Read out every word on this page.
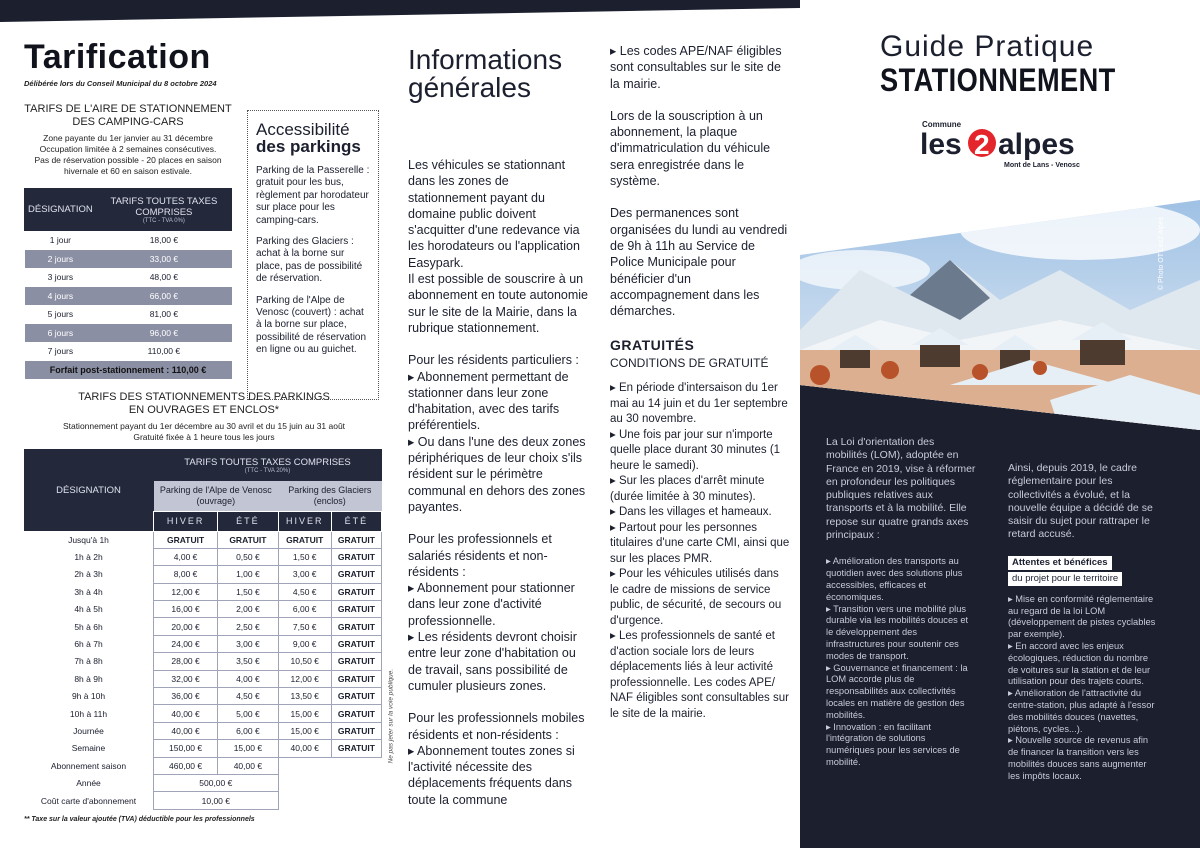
Tarification
Délibérée lors du Conseil Municipal du 8 octobre 2024
TARIFS DE L'AIRE DE STATIONNEMENT DES CAMPING-CARS
Zone payante du 1er janvier au 31 décembre
Occupation limitée à 2 semaines consécutives.
Pas de réservation possible - 20 places en saison
hivernale et 60 en saison estivale.
DÉSIGNATION	TARIFS TOUTES TAXES COMPRISES
(TTC - TVA 0%)

1 jour	18,00 €
2 jours	33,00 €
3 jours	48,00 €
4 jours	66,00 €
5 jours	81,00 €
6 jours	96,00 €
7 jours	110,00 €
Forfait post-stationnement : 110,00 €	
TARIFS DES STATIONNEMENTS DES PARKINGS
EN OUVRAGES ET ENCLOS*
Stationnement payant du 1er décembre au 30 avril et du 15 juin au 31 août
Gratuité fixée à 1 heure tous les jours
DÉSIGNATION	TARIFS TOUTES TAXES COMPRISES
(TTC - TVA 20%)			

	Parking de l'Alpe de Venosc (ouvrage)		Parking des Glaciers (enclos)	
	HIVER	ÉTÉ	HIVER	ÉTÉ
Jusqu'à 1h	GRATUIT	GRATUIT	GRATUIT	GRATUIT
1h à 2h	4,00 €	0,50 €	1,50 €	GRATUIT
2h à 3h	8,00 €	1,00 €	3,00 €	GRATUIT
3h à 4h	12,00 €	1,50 €	4,50 €	GRATUIT
4h à 5h	16,00 €	2,00 €	6,00 €	GRATUIT
5h à 6h	20,00 €	2,50 €	7,50 €	GRATUIT
6h à 7h	24,00 €	3,00 €	9,00 €	GRATUIT
7h à 8h	28,00 €	3,50 €	10,50 €	GRATUIT
8h à 9h	32,00 €	4,00 €	12,00 €	GRATUIT
9h à 10h	36,00 €	4,50 €	13,50 €	GRATUIT
10h à 11h	40,00 €	5,00 €	15,00 €	GRATUIT
Journée	40,00 €	6,00 €	15,00 €	GRATUIT
Semaine	150,00 €	15,00 €	40,00 €	GRATUIT
Abonnement saison	460,00 €	40,00 €		
Année	500,00 €			
Coût carte d'abonnement	10,00 €			
** Taxe sur la valeur ajoutée (TVA) déductible pour les professionnels
Accessibilité
des parkings

Parking de la Passerelle : gratuit pour les bus, règlement par horodateur sur place pour les camping-cars.

Parking des Glaciers : achat à la borne sur place, pas de possibilité de réservation.

Parking de l'Alpe de Venosc (couvert) : achat à la borne sur place, possibilité de réservation en ligne ou au guichet.

Ne pas jeter sur la voie publique.
Informations
générales

Les véhicules se stationnant dans les zones de stationnement payant du domaine public doivent s'acquitter d'une redevance via les horodateurs ou l'application Easypark.

Il est possible de souscrire à un abonnement en toute autonomie sur le site de la Mairie, dans la rubrique stationnement.

Pour les résidents particuliers :

▸ Abonnement permettant de stationner dans leur zone d'habitation, avec des tarifs préférentiels.

▸ Ou dans l'une des deux zones périphériques de leur choix s'ils résident sur le périmètre communal en dehors des zones payantes.

Pour les professionnels et salariés résidents et non-résidents :

▸ Abonnement pour stationner dans leur zone d'activité professionnelle.

▸ Les résidents devront choisir entre leur zone d'habitation ou de travail, sans possibilité de cumuler plusieurs zones.

Pour les professionnels mobiles résidents et non-résidents :

▸ Abonnement toutes zones si l'activité nécessite des déplacements fréquents dans toute la commune

▸ Les codes APE/NAF éligibles sont consultables sur le site de la mairie.

Lors de la souscription à un abonnement, la plaque d'immatriculation du véhicule sera enregistrée dans le système.

Des permanences sont organisées du lundi au vendredi de 9h à 11h au Service de Police Municipale pour bénéficier d'un accompagnement dans les démarches.

GRATUITÉS
CONDITIONS DE GRATUITÉ
▸ En période d'intersaison du 1er mai au 14 juin et du 1er septembre au 30 novembre.
▸ Une fois par jour sur n'importe quelle place durant 30 minutes (1 heure le samedi).
▸ Sur les places d'arrêt minute (durée limitée à 30 minutes).
▸ Dans les villages et hameaux.
▸ Partout pour les personnes titulaires d'une carte CMI, ainsi que sur les places PMR.
▸ Pour les véhicules utilisés dans le cadre de missions de service public, de sécurité, de secours ou d'urgence.
▸ Les professionnels de santé et d'action sociale lors de leurs déplacements liés à leur activité professionnelle. Les codes APE/ NAF éligibles sont consultables sur le site de la mairie.
Guide Pratique
STATIONNEMENT
Commune
les 2 alpes
Mont de Lans - Venosc
© Photo OT Les2 Alpes
La Loi d'orientation des mobilités (LOM), adoptée en France en 2019, vise à réformer en profondeur les politiques publiques relatives aux transports et à la mobilité. Elle repose sur quatre grands axes principaux :
▸ Amélioration des transports au quotidien avec des solutions plus accessibles, efficaces et économiques.
▸ Transition vers une mobilité plus durable via les mobilités douces et le développement des infrastructures pour soutenir ces modes de transport.
▸ Gouvernance et financement : la LOM accorde plus de responsabilités aux collectivités locales en matière de gestion des mobilités.
▸ Innovation : en facilitant l'intégration de solutions numériques pour les services de mobilité.
Ainsi, depuis 2019, le cadre réglementaire pour les collectivités a évolué, et la nouvelle équipe a décidé de se saisir du sujet pour rattraper le retard accusé.
Attentes et bénéfices
du projet pour le territoire
▸ Mise en conformité réglementaire au regard de la loi LOM (développement de pistes cyclables par exemple).
▸ En accord avec les enjeux écologiques, réduction du nombre de voitures sur la station et de leur utilisation pour des trajets courts.
▸ Amélioration de l'attractivité du centre-station, plus adapté à l'essor des mobilités douces (navettes, piétons, cycles...).
▸ Nouvelle source de revenus afin de financer la transition vers les mobilités douces sans augmenter les impôts locaux.
